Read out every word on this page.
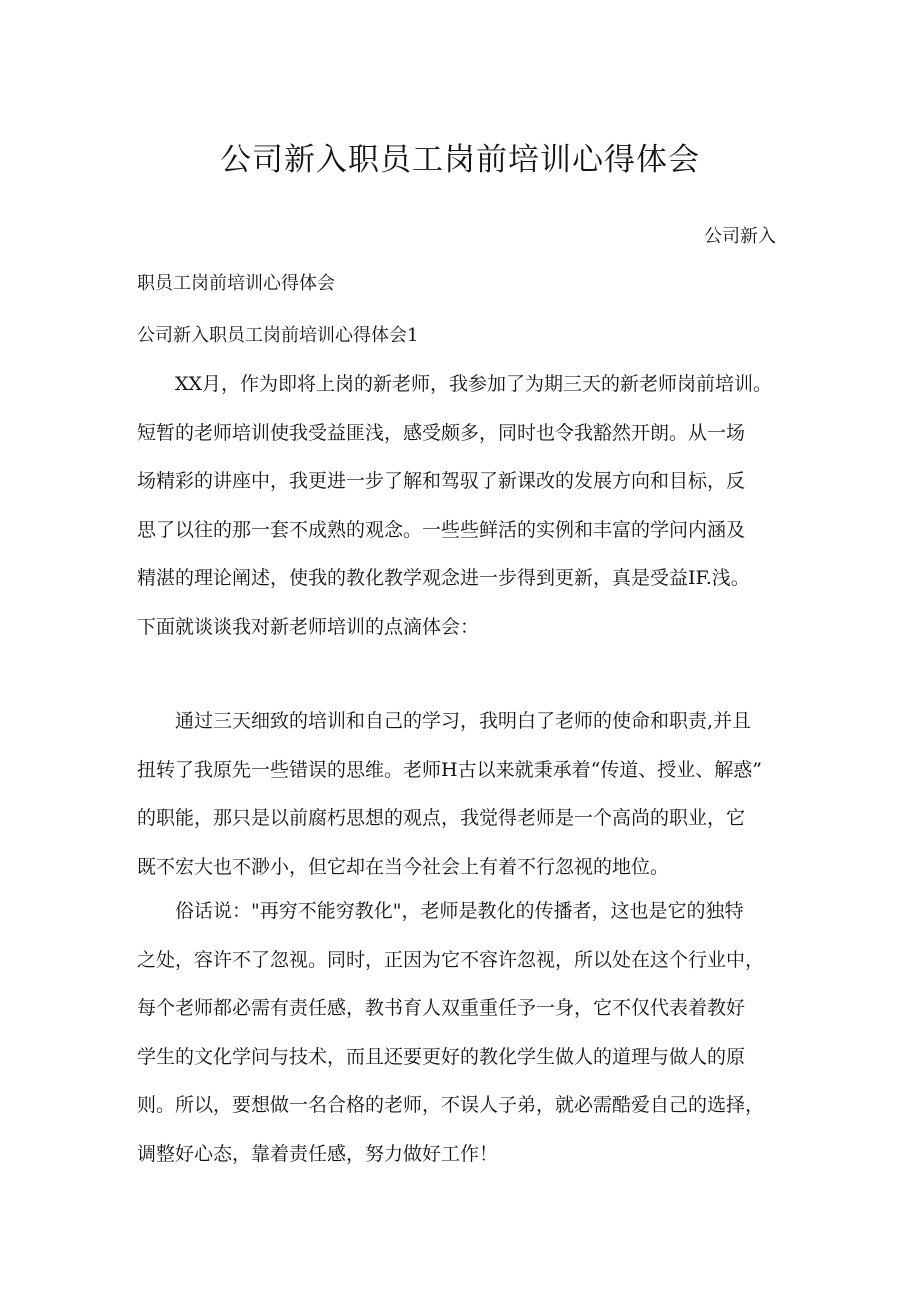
公司新入职员工岗前培训心得体会
公司新入
职员工岗前培训心得体会
公司新入职员工岗前培训心得体会1

XX月，作为即将上岗的新老师，我参加了为期三天的新老师岗前培训。
短暂的老师培训使我受益匪浅，感受颇多，同时也令我豁然开朗。从一场
场精彩的讲座中，我更进一步了解和驾驭了新课改的发展方向和目标，反
思了以往的那一套不成熟的观念。一些些鲜活的实例和丰富的学问内涵及
精湛的理论阐述，使我的教化教学观念进一步得到更新，真是受益IF.浅。
下面就谈谈我对新老师培训的点滴体会：

通过三天细致的培训和自己的学习，我明白了老师的使命和职责,并且
扭转了我原先一些错误的思维。老师H古以来就秉承着“传道、授业、解惑”
的职能，那只是以前腐朽思想的观点，我觉得老师是一个高尚的职业，它
既不宏大也不渺小，但它却在当今社会上有着不行忽视的地位。

俗话说："再穷不能穷教化"，老师是教化的传播者，这也是它的独特
之处，容许不了忽视。同时，正因为它不容许忽视，所以处在这个行业中，
每个老师都必需有责任感，教书育人双重重任予一身，它不仅代表着教好
学生的文化学问与技术，而且还要更好的教化学生做人的道理与做人的原
则。所以，要想做一名合格的老师，不误人子弟，就必需酷爱自己的选择，
调整好心态，靠着责任感，努力做好工作！
